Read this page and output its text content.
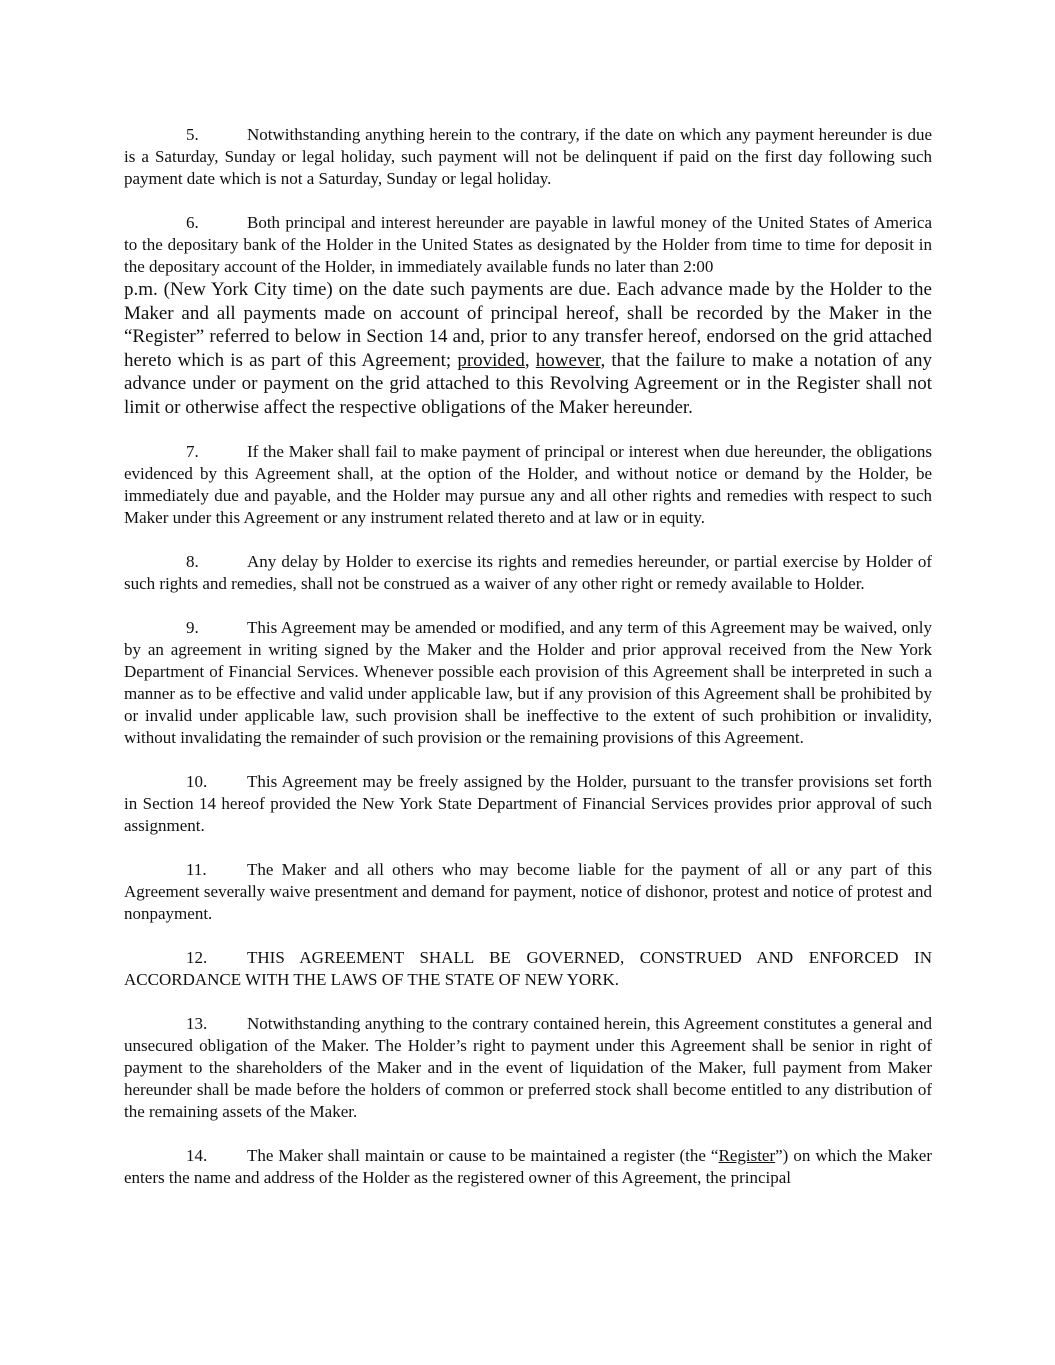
5.	Notwithstanding anything herein to the contrary, if the date on which any payment hereunder is due is a Saturday, Sunday or legal holiday, such payment will not be delinquent if paid on the first day following such payment date which is not a Saturday, Sunday or legal holiday.

6.	Both principal and interest hereunder are payable in lawful money of the United States of America to the depositary bank of the Holder in the United States as designated by the Holder from time to time for deposit in the depositary account of the Holder, in immediately available funds no later than 2:00

p.m. (New York City time) on the date such payments are due. Each advance made by the Holder to the Maker and all payments made on account of principal hereof, shall be recorded by the Maker in the “Register” referred to below in Section 14 and, prior to any transfer hereof, endorsed on the grid attached hereto which is as part of this Agreement; provided, however, that the failure to make a notation of any advance under or payment on the grid attached to this Revolving Agreement or in the Register shall not limit or otherwise affect the respective obligations of the Maker hereunder.

7.	If the Maker shall fail to make payment of principal or interest when due hereunder, the obligations evidenced by this Agreement shall, at the option of the Holder, and without notice or demand by the Holder, be immediately due and payable, and the Holder may pursue any and all other rights and remedies with respect to such Maker under this Agreement or any instrument related thereto and at law or in equity.

8.	Any delay by Holder to exercise its rights and remedies hereunder, or partial exercise by Holder of such rights and remedies, shall not be construed as a waiver of any other right or remedy available to Holder.

9.	This Agreement may be amended or modified, and any term of this Agreement may be waived, only by an agreement in writing signed by the Maker and the Holder and prior approval received from the New York Department of Financial Services. Whenever possible each provision of this Agreement shall be interpreted in such a manner as to be effective and valid under applicable law, but if any provision of this Agreement shall be prohibited by or invalid under applicable law, such provision shall be ineffective to the extent of such prohibition or invalidity, without invalidating the remainder of such provision or the remaining provisions of this Agreement.

10. This Agreement may be freely assigned by the Holder, pursuant to the transfer provisions set forth in Section 14 hereof provided the New York State Department of Financial Services provides prior approval of such assignment.

11. The Maker and all others who may become liable for the payment of all or any part of this Agreement severally waive presentment and demand for payment, notice of dishonor, protest and notice of protest and nonpayment.

12. THIS AGREEMENT SHALL BE GOVERNED, CONSTRUED AND ENFORCED IN ACCORDANCE WITH THE LAWS OF THE STATE OF NEW YORK.

13. Notwithstanding anything to the contrary contained herein, this Agreement constitutes a general and unsecured obligation of the Maker. The Holder’s right to payment under this Agreement shall be senior in right of payment to the shareholders of the Maker and in the event of liquidation of the Maker, full payment from Maker hereunder shall be made before the holders of common or preferred stock shall become entitled to any distribution of the remaining assets of the Maker.

14. The Maker shall maintain or cause to be maintained a register (the “Register”) on which the Maker enters the name and address of the Holder as the registered owner of this Agreement, the principal
